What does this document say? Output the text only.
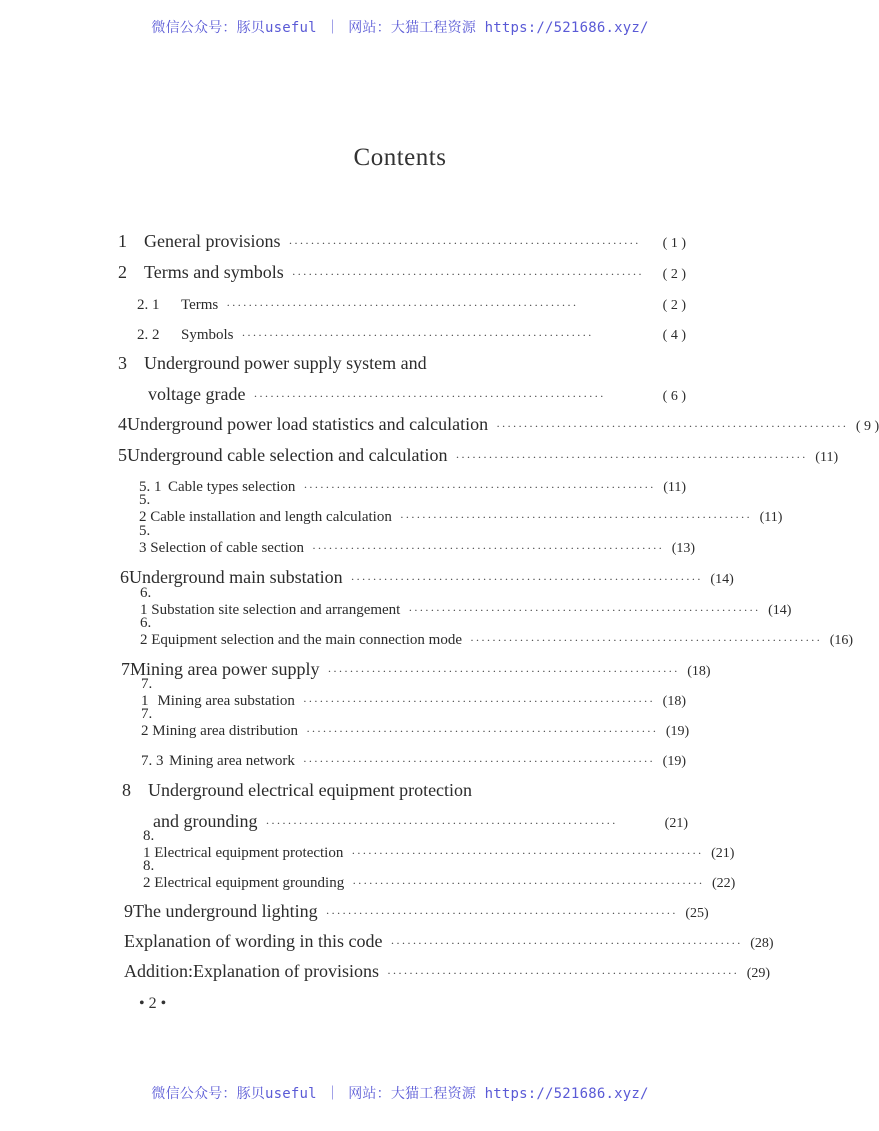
微信公众号：豚贝useful ｜ 网站：大猫工程资源 https://521686.xyz/
Contents
1 General provisions ································································	( 1 )
2 Terms and symbols ································································	( 2 )
2. 1	Terms ································································	( 2 )
2. 2	Symbols ································································	( 4 )
3 Underground power supply system and
voltage grade ································································	( 6 )
4 Underground power load statistics and calculation ································································ ( 9 )
5 Underground cable selection and calculation ································································ (11)
5. 1 Cable types selection ································································ (11)
5. 2 Cable installation and length calculation ································································ (11)
5. 3 Selection of cable section ································································ (13)
6 Underground main substation ································································ (14)
6. 1 Substation site selection and arrangement ································································ (14)
6. 2 Equipment selection and the main connection mode ································································ (16)
7 Mining area power supply ································································ (18)
7. 1 Mining area substation ································································ (18)
7. 2 Mining area distribution ································································ (19)
7. 3 Mining area network ································································ (19)
8 Underground electrical equipment protection
and grounding ································································	(21)
8. 1 Electrical equipment protection ································································ (21)
8. 2 Electrical equipment grounding ································································ (22)
9 The underground lighting ································································ (25)
Explanation of wording in this code ································································ (28)
Addition:Explanation of provisions ································································ (29)
• 2 •
微信公众号：豚贝useful ｜ 网站：大猫工程资源 https://521686.xyz/
